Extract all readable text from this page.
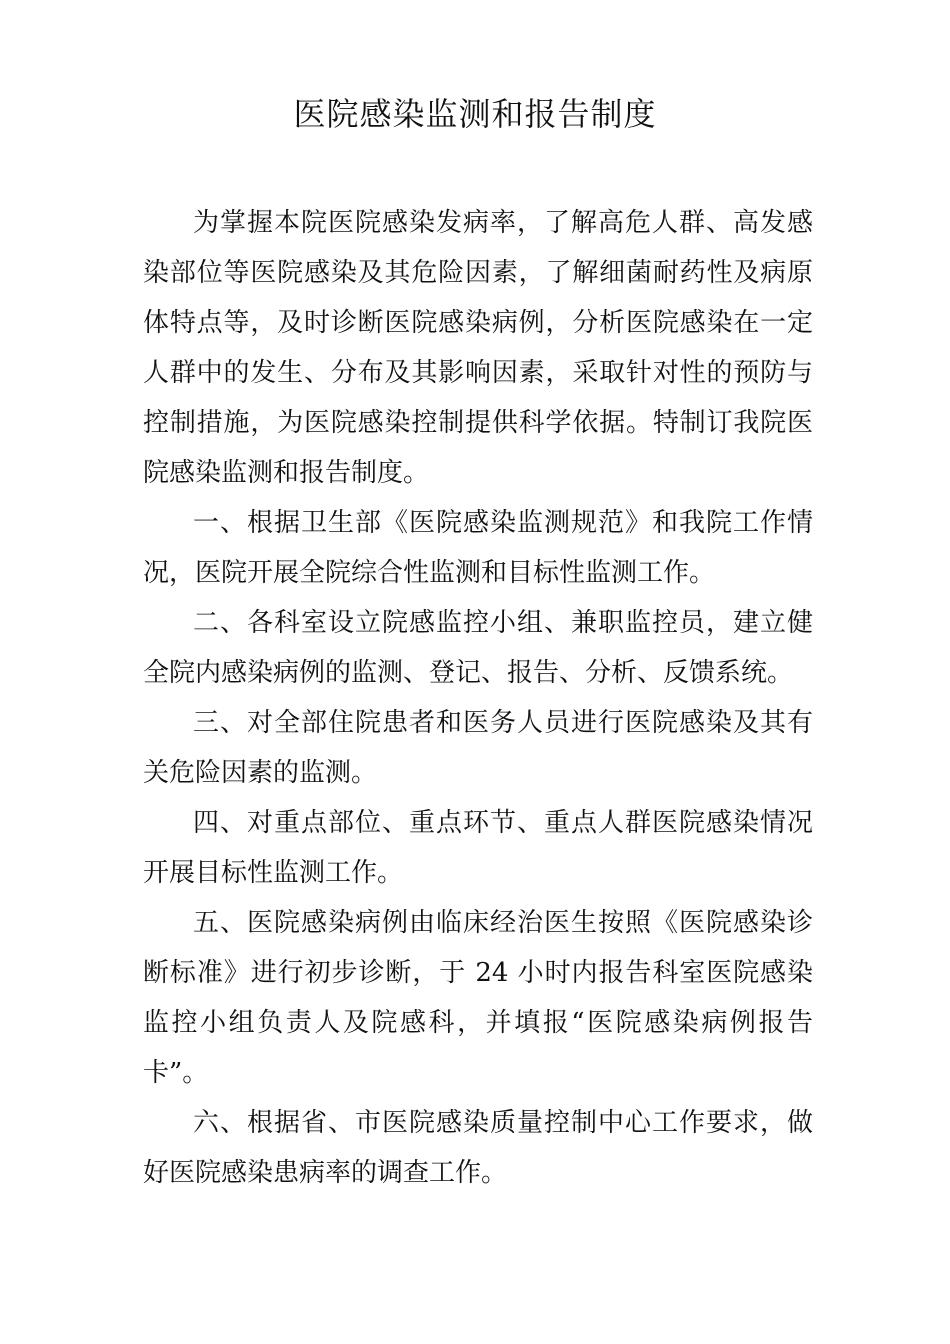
医院感染监测和报告制度

为掌握本院医院感染发病率，了解高危人群、高发感染部位等医院感染及其危险因素，了解细菌耐药性及病原体特点等，及时诊断医院感染病例，分析医院感染在一定人群中的发生、分布及其影响因素，采取针对性的预防与控制措施，为医院感染控制提供科学依据。特制订我院医院感染监测和报告制度。

一、根据卫生部《医院感染监测规范》和我院工作情况，医院开展全院综合性监测和目标性监测工作。

二、各科室设立院感监控小组、兼职监控员，建立健全院内感染病例的监测、登记、报告、分析、反馈系统。

三、对全部住院患者和医务人员进行医院感染及其有关危险因素的监测。

四、对重点部位、重点环节、重点人群医院感染情况开展目标性监测工作。

五、医院感染病例由临床经治医生按照《医院感染诊断标准》进行初步诊断，于 24 小时内报告科室医院感染监控小组负责人及院感科，并填报“医院感染病例报告卡”。

六、根据省、市医院感染质量控制中心工作要求，做好医院感染患病率的调查工作。
